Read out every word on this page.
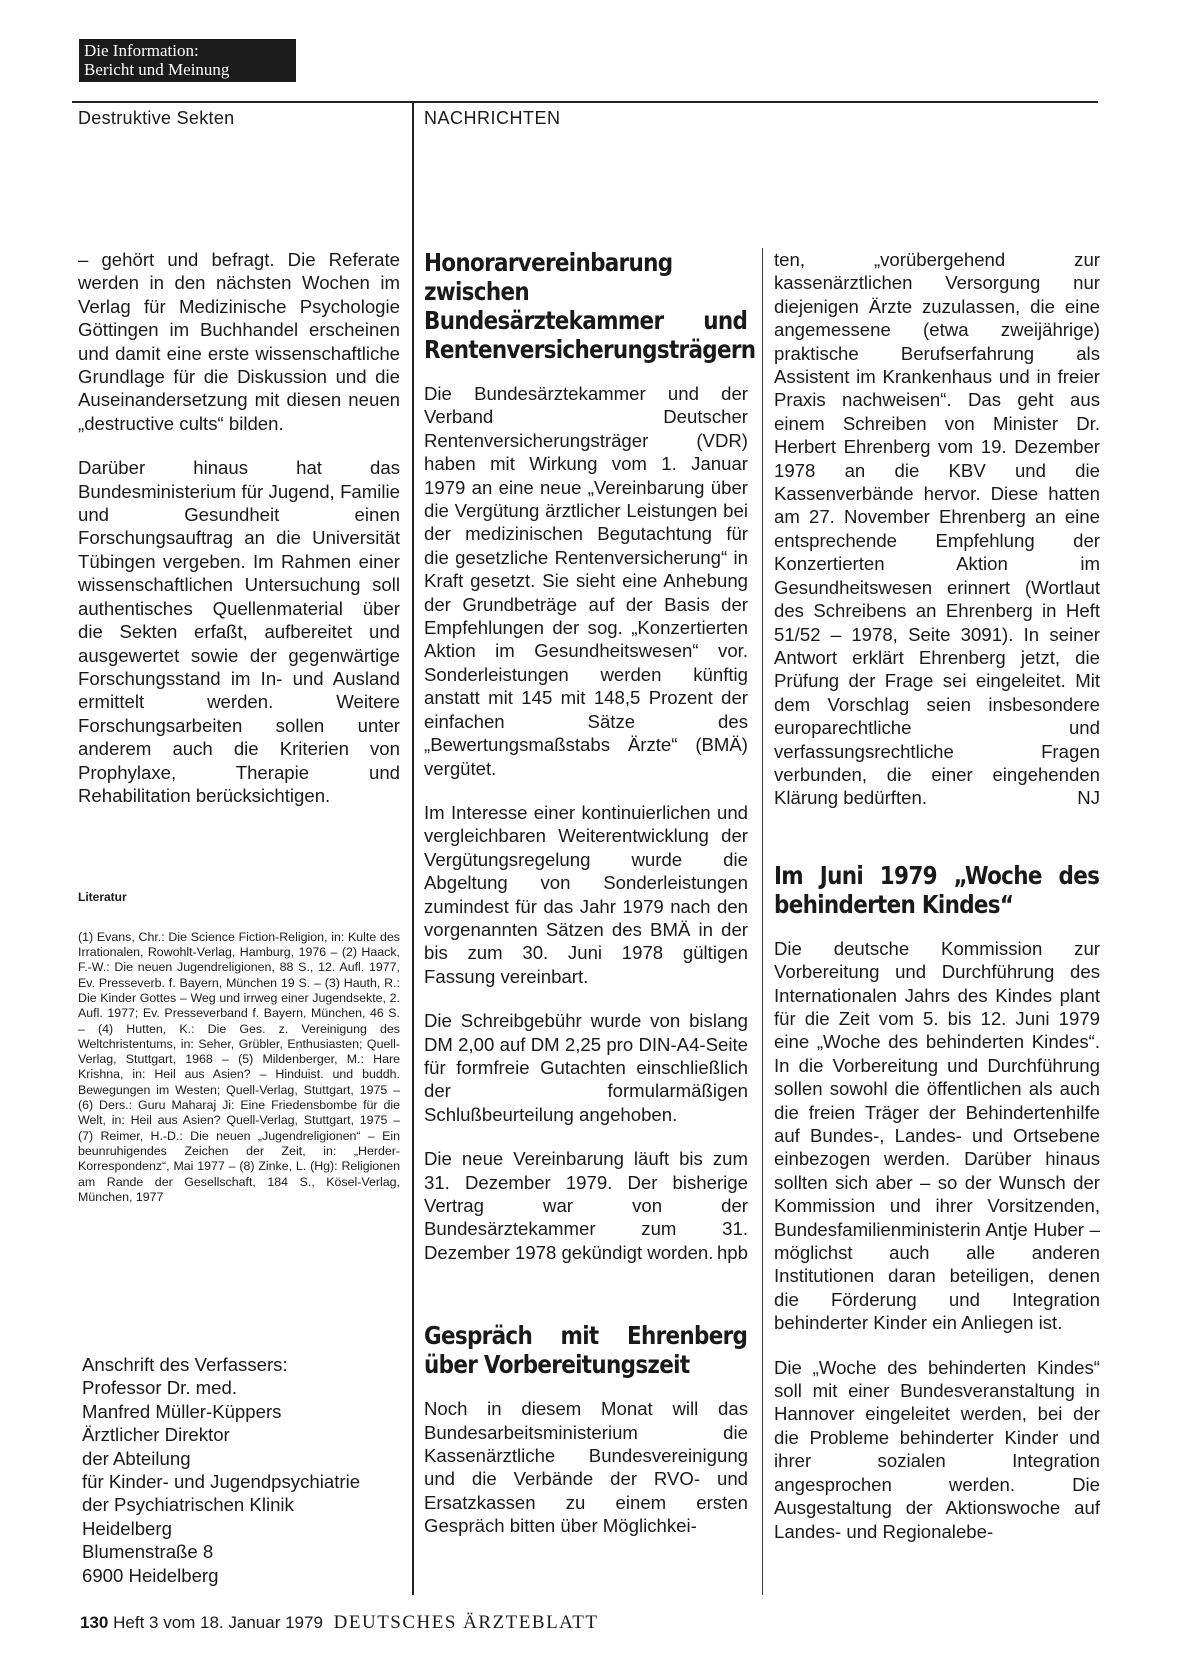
Die Information:
Bericht und Meinung
Destruktive Sekten	NACHRICHTEN

– gehört und befragt. Die Referate werden in den nächsten Wochen im Verlag für Medizinische Psychologie Göttingen im Buchhandel erscheinen und damit eine erste wissenschaftliche Grundlage für die Diskussion und die Auseinandersetzung mit diesen neuen „destructive cults“ bilden.

Darüber hinaus hat das Bundesministerium für Jugend, Familie und Gesundheit einen Forschungsauftrag an die Universität Tübingen vergeben. Im Rahmen einer wissenschaftlichen Untersuchung soll authentisches Quellenmaterial über die Sekten erfaßt, aufbereitet und ausgewertet sowie der gegenwärtige Forschungsstand im In- und Ausland ermittelt werden. Weitere Forschungsarbeiten sollen unter anderem auch die Kriterien von Prophylaxe, Therapie und Rehabilitation berücksichtigen.

Literatur

(1) Evans, Chr.: Die Science Fiction-Religion, in: Kulte des Irrationalen, Rowohlt-Verlag, Hamburg, 1976 – (2) Haack, F.-W.: Die neuen Jugendreligionen, 88 S., 12. Aufl. 1977, Ev. Presseverb. f. Bayern, München 19 S. – (3) Hauth, R.: Die Kinder Gottes – Weg und irrweg einer Jugendsekte, 2. Aufl. 1977; Ev. Presseverband f. Bayern, München, 46 S. – (4) Hutten, K.: Die Ges. z. Vereinigung des Weltchristentums, in: Seher, Grübler, Enthusiasten; Quell-Verlag, Stuttgart, 1968 – (5) Mildenberger, M.: Hare Krishna, in: Heil aus Asien? – Hinduist. und buddh. Bewegungen im Westen; Quell-Verlag, Stuttgart, 1975 – (6) Ders.: Guru Maharaj Ji: Eine Friedensbombe für die Welt, in: Heil aus Asien? Quell-Verlag, Stuttgart, 1975 – (7) Reimer, H.-D.: Die neuen „Jugendreligionen“ – Ein beunruhigendes Zeichen der Zeit, in: „Herder-Korrespondenz“, Mai 1977 – (8) Zinke, L. (Hg): Religionen am Rande der Gesellschaft, 184 S., Kösel-Verlag, München, 1977

Anschrift des Verfassers:
Professor Dr. med.
Manfred Müller-Küppers
Ärztlicher Direktor
der Abteilung
für Kinder- und Jugendpsychiatrie
der Psychiatrischen Klinik
Heidelberg
Blumenstraße 8
6900 Heidelberg
Honorarvereinbarung zwischen Bundesärztekammer und Rentenversicherungsträgern

Die Bundesärztekammer und der Verband Deutscher Rentenversicherungsträger (VDR) haben mit Wirkung vom 1. Januar 1979 an eine neue „Vereinbarung über die Vergütung ärztlicher Leistungen bei der medizinischen Begutachtung für die gesetzliche Rentenversicherung“ in Kraft gesetzt. Sie sieht eine Anhebung der Grundbeträge auf der Basis der Empfehlungen der sog. „Konzertierten Aktion im Gesundheitswesen“ vor. Sonderleistungen werden künftig anstatt mit 145 mit 148,5 Prozent der einfachen Sätze des „Bewertungsmaßstabs Ärzte“ (BMÄ) vergütet.

Im Interesse einer kontinuierlichen und vergleichbaren Weiterentwicklung der Vergütungsregelung wurde die Abgeltung von Sonderleistungen zumindest für das Jahr 1979 nach den vorgenannten Sätzen des BMÄ in der bis zum 30. Juni 1978 gültigen Fassung vereinbart.

Die Schreibgebühr wurde von bislang DM 2,00 auf DM 2,25 pro DIN-A4-Seite für formfreie Gutachten einschließlich der formularmäßigen Schlußbeurteilung angehoben.

Die neue Vereinbarung läuft bis zum 31. Dezember 1979. Der bisherige Vertrag war von der Bundesärztekammer zum 31. Dezember 1978 gekündigt worden. hpb

Gespräch mit Ehrenberg über Vorbereitungszeit

Noch in diesem Monat will das Bundesarbeitsministerium die Kassenärztliche Bundesvereinigung und die Verbände der RVO- und Ersatzkassen zu einem ersten Gespräch bitten über Möglichkei-

ten, „vorübergehend zur kassenärztlichen Versorgung nur diejenigen Ärzte zuzulassen, die eine angemessene (etwa zweijährige) praktische Berufserfahrung als Assistent im Krankenhaus und in freier Praxis nachweisen“. Das geht aus einem Schreiben von Minister Dr. Herbert Ehrenberg vom 19. Dezember 1978 an die KBV und die Kassenverbände hervor. Diese hatten am 27. November Ehrenberg an eine entsprechende Empfehlung der Konzertierten Aktion im Gesundheitswesen erinnert (Wortlaut des Schreibens an Ehrenberg in Heft 51/52 – 1978, Seite 3091). In seiner Antwort erklärt Ehrenberg jetzt, die Prüfung der Frage sei eingeleitet. Mit dem Vorschlag seien insbesondere europarechtliche und verfassungsrechtliche Fragen verbunden, die einer eingehenden Klärung bedürften.	NJ

Im Juni 1979 „Woche des behinderten Kindes“

Die deutsche Kommission zur Vorbereitung und Durchführung des Internationalen Jahrs des Kindes plant für die Zeit vom 5. bis 12. Juni 1979 eine „Woche des behinderten Kindes“. In die Vorbereitung und Durchführung sollen sowohl die öffentlichen als auch die freien Träger der Behindertenhilfe auf Bundes-, Landes- und Ortsebene einbezogen werden. Darüber hinaus sollten sich aber – so der Wunsch der Kommission und ihrer Vorsitzenden, Bundesfamilienministerin Antje Huber – möglichst auch alle anderen Institutionen daran beteiligen, denen die Förderung und Integration behinderter Kinder ein Anliegen ist.

Die „Woche des behinderten Kindes“ soll mit einer Bundesveranstaltung in Hannover eingeleitet werden, bei der die Probleme behinderter Kinder und ihrer sozialen Integration angesprochen werden. Die Ausgestaltung der Aktionswoche auf Landes- und Regionalebe-

130 Heft 3 vom 18. Januar 1979 DEUTSCHES ÄRZTEBLATT
